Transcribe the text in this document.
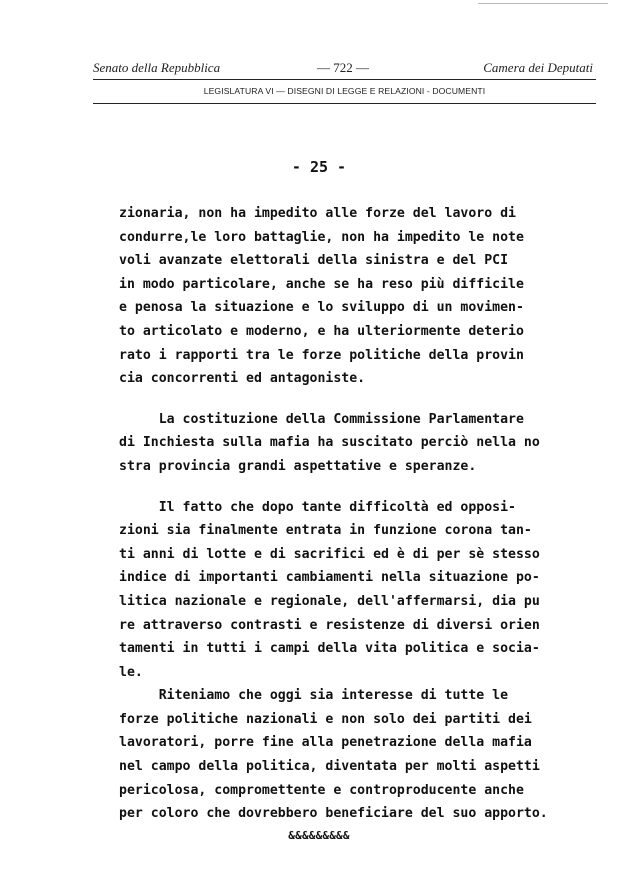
Senato della Repubblica	— 722 —	Camera dei Deputati
LEGISLATURA VI — DISEGNI DI LEGGE E RELAZIONI - DOCUMENTI
- 25 -
zionaria, non ha impedito alle forze del lavoro di
condurre,le loro battaglie, non ha impedito le note
voli avanzate elettorali della sinistra e del PCI
in modo particolare, anche se ha reso più difficile
e penosa la situazione e lo sviluppo di un movimen-
to articolato e moderno, e ha ulteriormente deterio
rato i rapporti tra le forze politiche della provin
cia concorrenti ed antagoniste.
La costituzione della Commissione Parlamentare
di Inchiesta sulla mafia ha suscitato perciò nella no
stra provincia grandi aspettative e speranze.
Il fatto che dopo tante difficoltà ed opposi-
zioni sia finalmente entrata in funzione corona tan-
ti anni di lotte e di sacrifici ed è di per sè stesso
indice di importanti cambiamenti nella situazione po-
litica nazionale e regionale, dell'affermarsi, dia pu
re attraverso contrasti e resistenze di diversi orien
tamenti in tutti i campi della vita politica e socia-
le.
Riteniamo che oggi sia interesse di tutte le
forze politiche nazionali e non solo dei partiti dei
lavoratori, porre fine alla penetrazione della mafia
nel campo della politica, diventata per molti aspetti
pericolosa, compromettente e controproducente anche
per coloro che dovrebbero beneficiare del suo apporto.
&&&&&&&&&
